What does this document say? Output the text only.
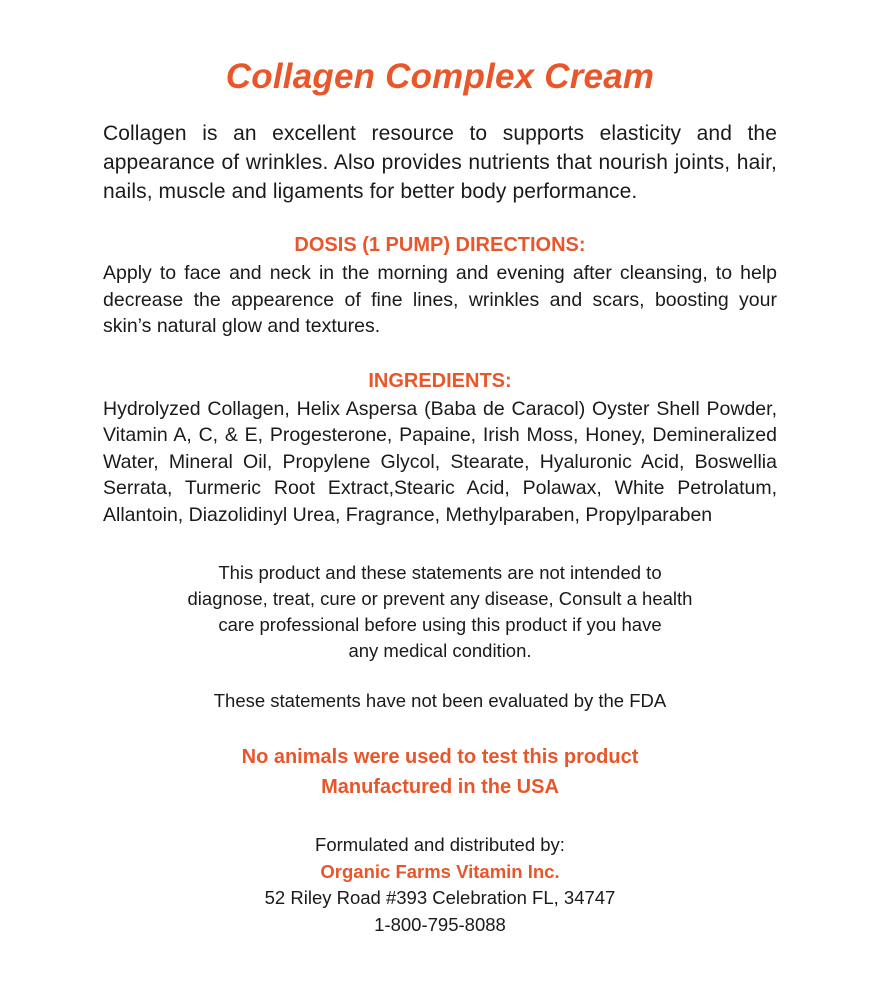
Collagen Complex Cream

Collagen is an excellent resource to supports elasticity and the appearance of wrinkles. Also provides nutrients that nourish joints, hair, nails, muscle and ligaments for better body performance.

DOSIS (1 PUMP) DIRECTIONS:

Apply to face and neck in the morning and evening after cleansing, to help decrease the appearence of fine lines, wrinkles and scars, boosting your skin’s natural glow and textures.

INGREDIENTS:

Hydrolyzed Collagen, Helix Aspersa (Baba de Caracol) Oyster Shell Powder, Vitamin A, C, & E, Progesterone, Papaine, Irish Moss, Honey, Demineralized Water, Mineral Oil, Propylene Glycol, Stearate, Hyaluronic Acid, Boswellia Serrata, Turmeric Root Extract,Stearic Acid, Polawax, White Petrolatum, Allantoin, Diazolidinyl Urea, Fragrance, Methylparaben, Propylparaben

This product and these statements are not intended to
diagnose, treat, cure or prevent any disease, Consult a health
care professional before using this product if you have
any medical condition.
These statements have not been evaluated by the FDA
No animals were used to test this product
Manufactured in the USA
Formulated and distributed by:
Organic Farms Vitamin Inc.
52 Riley Road #393 Celebration FL, 34747
1-800-795-8088
